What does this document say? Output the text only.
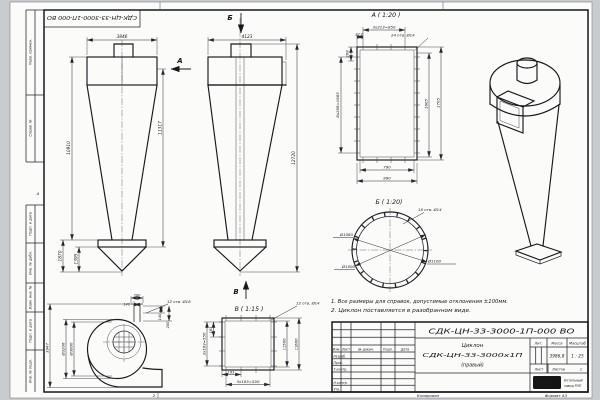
2
А
СДК-ЦН-33-3000-1П-000 ВО
Перв. примен.
Справ. №
Подп. и дата
Инв. № дубл.
Взам. инв. №
Подп. и дата
Инв. № подл.
Копировал	Формат А3
3846
А
10910
11317
1870	1395
Б
4123
12720
В
А ( 1:20 )
3х213=850
212	24 отв. Ø14
208
8х208=1665	1605 1705
790
890
Б ( 1:20)
18 отв. Ø14
Ø1060
Ø1000
Ø1100
200
140
12 отв. Ø18
140
200
3947	Ø3206 Ø3000
В ( 1:15 )
12 отв. Ø14
3х183=550
183
□500 □600
183
3х183=550
1. Все размеры для справок, допустимые отклонения ±100мм.
2. Циклон поставляется в разобранном виде.
СДК-ЦН-33-3000-1П-000 ВО
Циклон
СДК-ЦН-33-3000х1П
(правый)
Лит.	Масса Масштаб
3986,8 1 : 25
Лист Листов	1
Изм. Лист	№ докум.	Подп.	Дата
Разраб.
Пров.
Т.контр.
Н.контр.
Утв.
KVZR Котельный
завод РЭП
